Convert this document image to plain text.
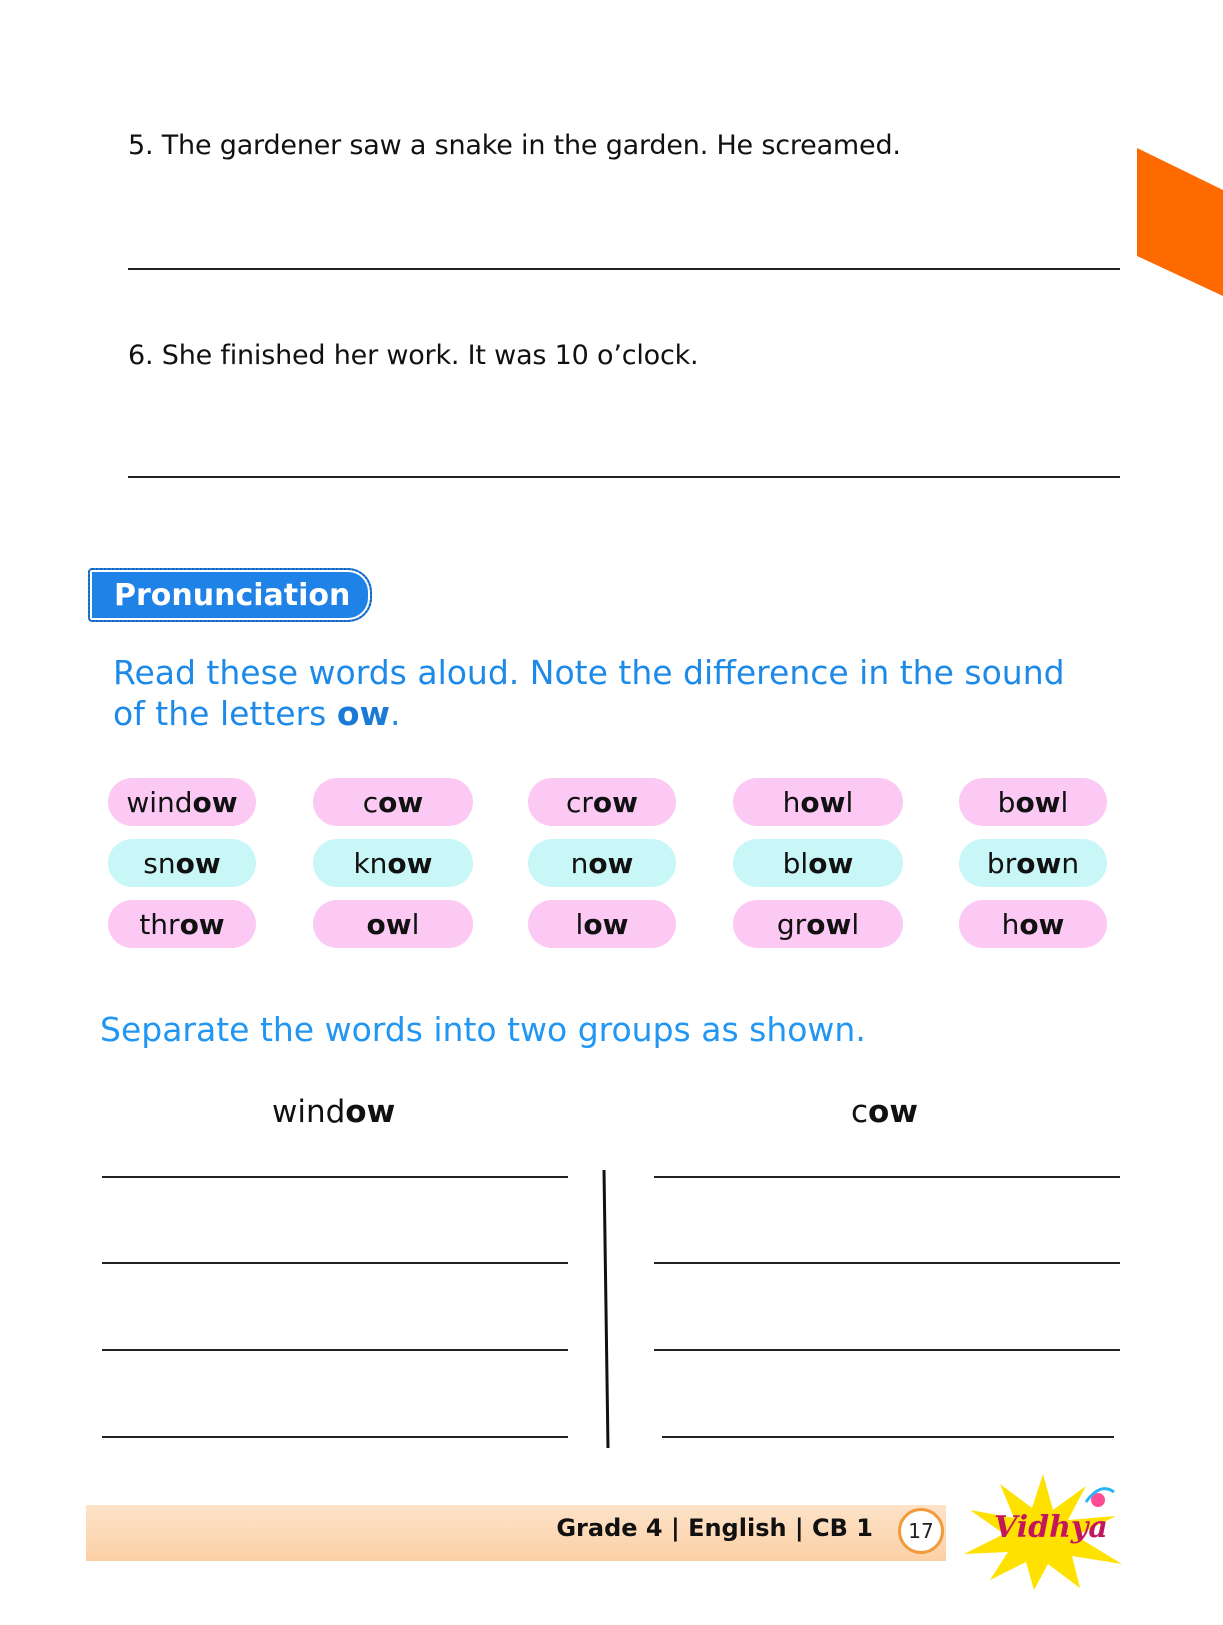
5. The gardener saw a snake in the garden. He screamed.
6. She finished her work. It was 10 o’clock.
Pronunciation
Read these words aloud. Note the difference in the sound
of the letters ow.
wind ow	c ow	cr ow	h ow l	b ow l
sn ow	kn ow	n ow	bl ow	br ow n
thr ow	ow l	l ow	gr ow l	h ow
Separate the words into two groups as shown.
window	cow
Grade 4 | English | CB 1	17	Vidhya
